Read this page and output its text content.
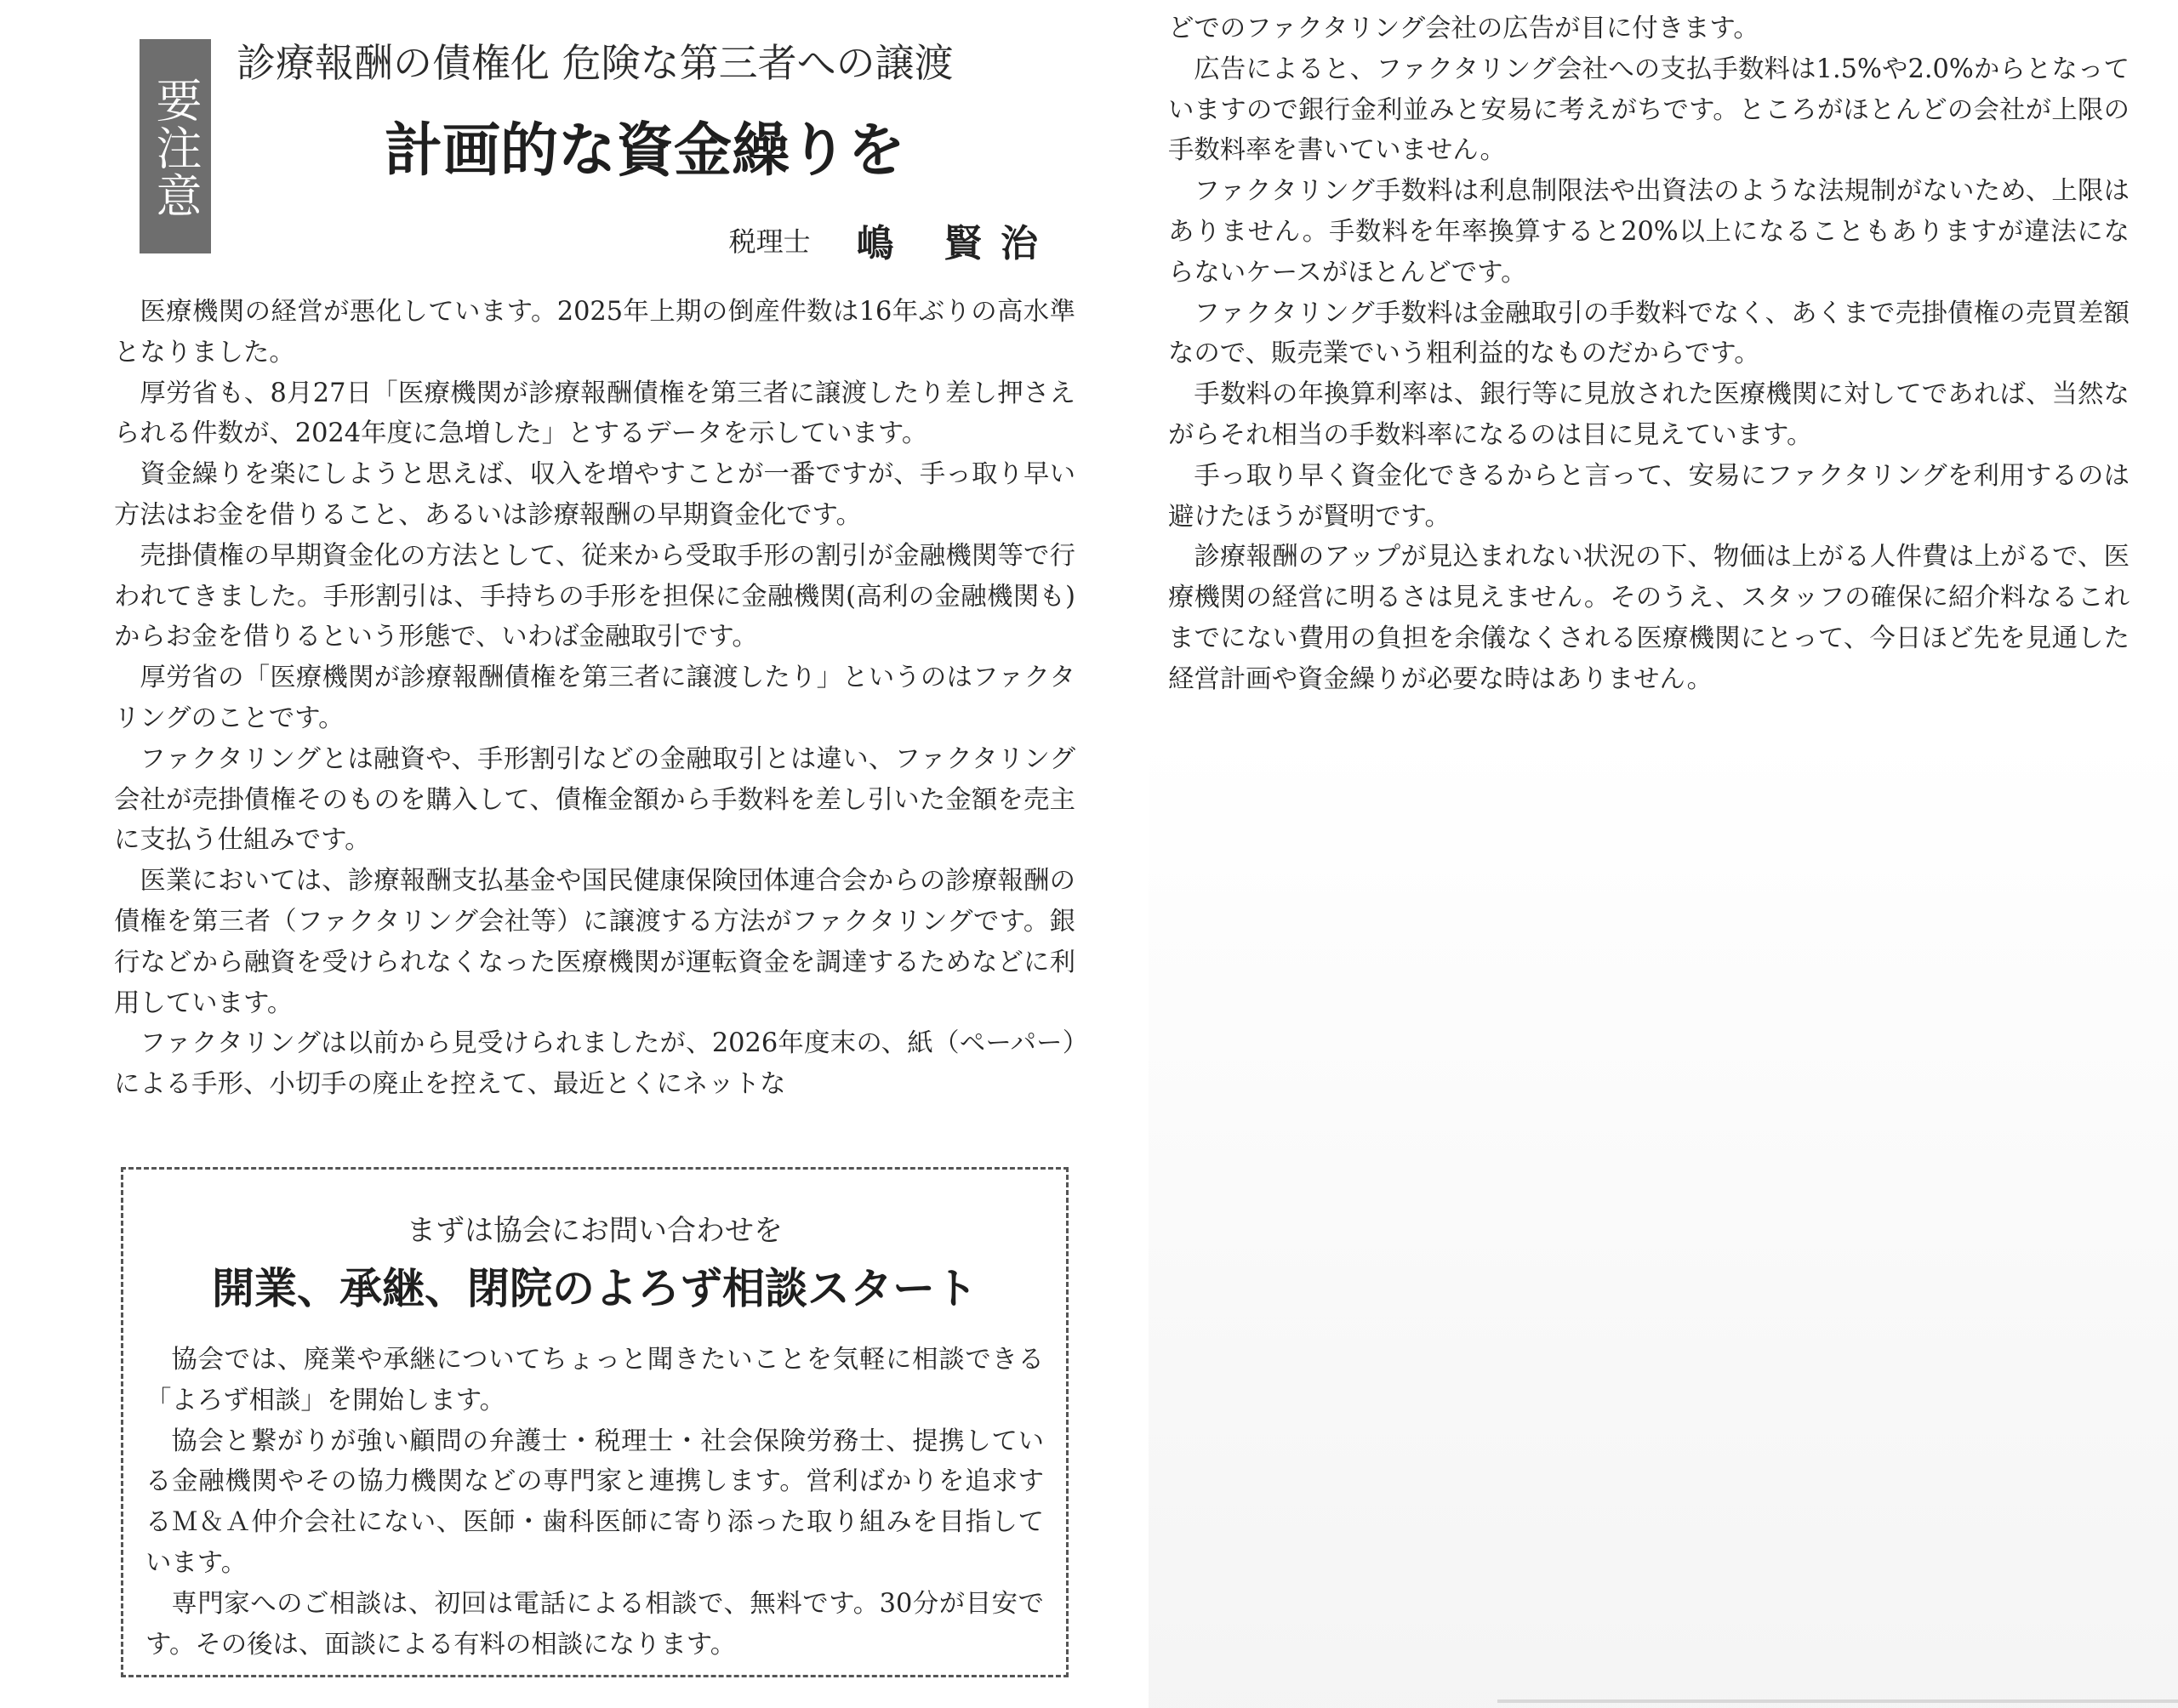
要注意
診療報酬の債権化 危険な第三者への譲渡
計画的な資金繰りを
税理士 嶋 賢治

医療機関の経営が悪化しています。2025年上期の倒産件数は16年ぶりの高水準となりました。

厚労省も、8月27日「医療機関が診療報酬債権を第三者に譲渡したり差し押さえられる件数が、2024年度に急増した」とするデータを示しています。

資金繰りを楽にしようと思えば、収入を増やすことが一番ですが、手っ取り早い方法はお金を借りること、あるいは診療報酬の早期資金化です。

売掛債権の早期資金化の方法として、従来から受取手形の割引が金融機関等で行われてきました。手形割引は、手持ちの手形を担保に金融機関(高利の金融機関も)からお金を借りるという形態で、いわば金融取引です。

厚労省の「医療機関が診療報酬債権を第三者に譲渡したり」というのはファクタリングのことです。

ファクタリングとは融資や、手形割引などの金融取引とは違い、ファクタリング会社が売掛債権そのものを購入して、債権金額から手数料を差し引いた金額を売主に支払う仕組みです。

医業においては、診療報酬支払基金や国民健康保険団体連合会からの診療報酬の債権を第三者（ファクタリング会社等）に譲渡する方法がファクタリングです。銀行などから融資を受けられなくなった医療機関が運転資金を調達するためなどに利用しています。

ファクタリングは以前から見受けられましたが、2026年度末の、紙（ペーパー）による手形、小切手の廃止を控えて、最近とくにネットな

まずは協会にお問い合わせを
開業、承継、閉院のよろず相談スタート

協会では、廃業や承継についてちょっと聞きたいことを気軽に相談できる「よろず相談」を開始します。

協会と繋がりが強い顧問の弁護士・税理士・社会保険労務士、提携している金融機関やその協力機関などの専門家と連携します。営利ばかりを追求するＭ＆Ａ仲介会社にない、医師・歯科医師に寄り添った取り組みを目指しています。

専門家へのご相談は、初回は電話による相談で、無料です。30分が目安です。その後は、面談による有料の相談になります。

どでのファクタリング会社の広告が目に付きます。

広告によると、ファクタリング会社への支払手数料は1.5%や2.0%からとなっていますので銀行金利並みと安易に考えがちです。ところがほとんどの会社が上限の手数料率を書いていません。

ファクタリング手数料は利息制限法や出資法のような法規制がないため、上限はありません。手数料を年率換算すると20%以上になることもありますが違法にならないケースがほとんどです。

ファクタリング手数料は金融取引の手数料でなく、あくまで売掛債権の売買差額なので、販売業でいう粗利益的なものだからです。

手数料の年換算利率は、銀行等に見放された医療機関に対してであれば、当然ながらそれ相当の手数料率になるのは目に見えています。

手っ取り早く資金化できるからと言って、安易にファクタリングを利用するのは避けたほうが賢明です。

診療報酬のアップが見込まれない状況の下、物価は上がる人件費は上がるで、医療機関の経営に明るさは見えません。そのうえ、スタッフの確保に紹介料なるこれまでにない費用の負担を余儀なくされる医療機関にとって、今日ほど先を見通した経営計画や資金繰りが必要な時はありません。
